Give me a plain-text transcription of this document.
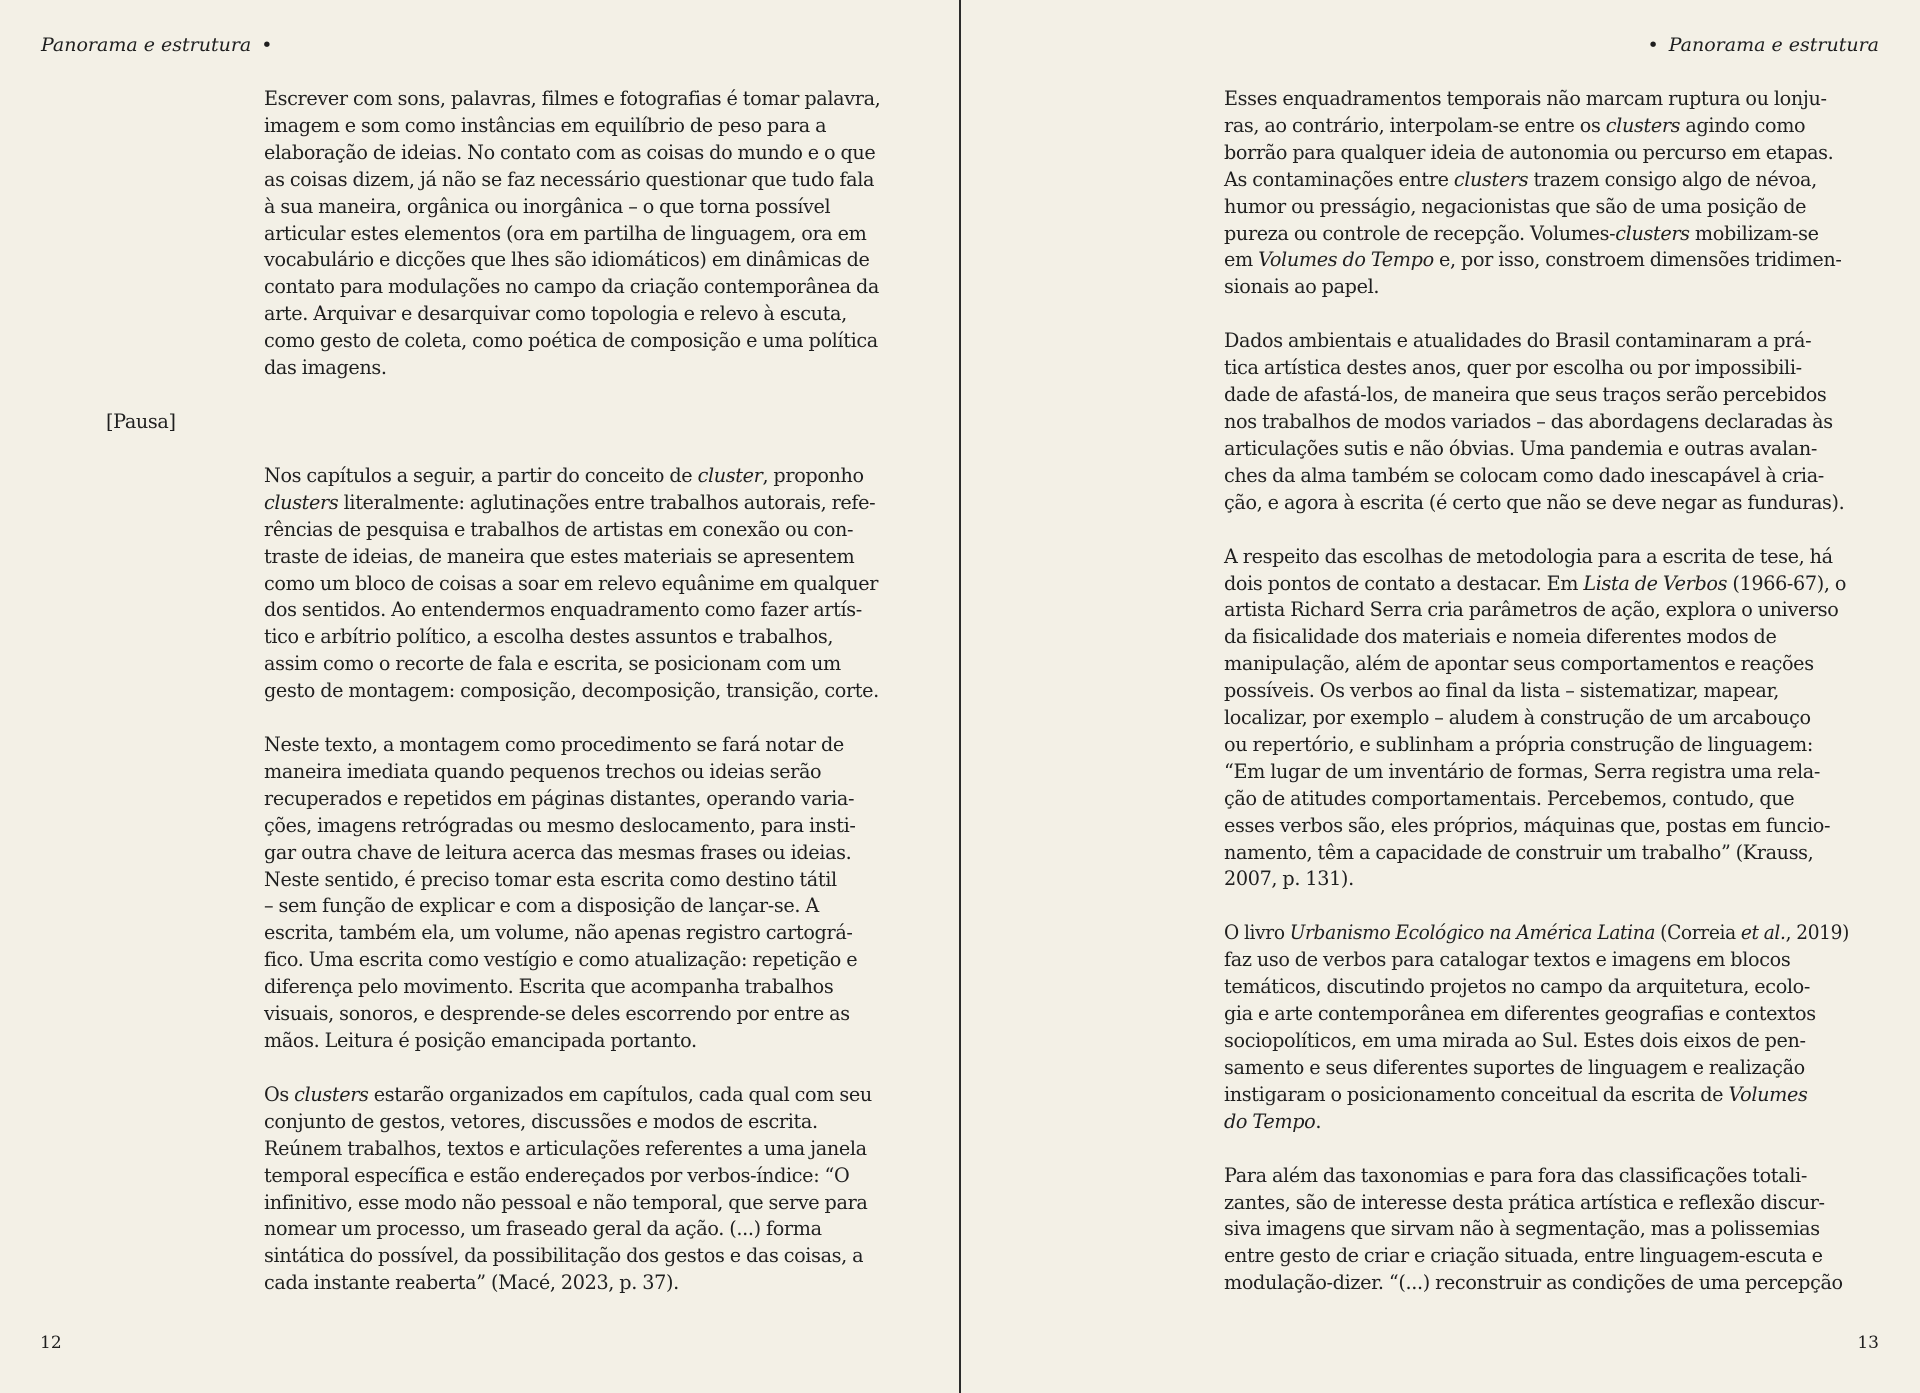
Panorama e estrutura •
Escrever com sons, palavras, filmes e fotografias é tomar palavra,
imagem e som como instâncias em equilíbrio de peso para a
elaboração de ideias. No contato com as coisas do mundo e o que
as coisas dizem, já não se faz necessário questionar que tudo fala
à sua maneira, orgânica ou inorgânica – o que torna possível
articular estes elementos (ora em partilha de linguagem, ora em
vocabulário e dicções que lhes são idiomáticos) em dinâmicas de
contato para modulações no campo da criação contemporânea da
arte. Arquivar e desarquivar como topologia e relevo à escuta,
como gesto de coleta, como poética de composição e uma política
das imagens.
[Pausa]
Nos capítulos a seguir, a partir do conceito de cluster, proponho
clusters literalmente: aglutinações entre trabalhos autorais, refe-
rências de pesquisa e trabalhos de artistas em conexão ou con-
traste de ideias, de maneira que estes materiais se apresentem
como um bloco de coisas a soar em relevo equânime em qualquer
dos sentidos. Ao entendermos enquadramento como fazer artís-
tico e arbítrio político, a escolha destes assuntos e trabalhos,
assim como o recorte de fala e escrita, se posicionam com um
gesto de montagem: composição, decomposição, transição, corte.
Neste texto, a montagem como procedimento se fará notar de
maneira imediata quando pequenos trechos ou ideias serão
recuperados e repetidos em páginas distantes, operando varia-
ções, imagens retrógradas ou mesmo deslocamento, para insti-
gar outra chave de leitura acerca das mesmas frases ou ideias.
Neste sentido, é preciso tomar esta escrita como destino tátil
– sem função de explicar e com a disposição de lançar-se. A
escrita, também ela, um volume, não apenas registro cartográ-
fico. Uma escrita como vestígio e como atualização: repetição e
diferença pelo movimento. Escrita que acompanha trabalhos
visuais, sonoros, e desprende-se deles escorrendo por entre as
mãos. Leitura é posição emancipada portanto.
Os clusters estarão organizados em capítulos, cada qual com seu
conjunto de gestos, vetores, discussões e modos de escrita.
Reúnem trabalhos, textos e articulações referentes a uma janela
temporal específica e estão endereçados por verbos-índice: “O
infinitivo, esse modo não pessoal e não temporal, que serve para
nomear um processo, um fraseado geral da ação. (...) forma
sintática do possível, da possibilitação dos gestos e das coisas, a
cada instante reaberta” (Macé, 2023, p. 37).
12
• Panorama e estrutura
Esses enquadramentos temporais não marcam ruptura ou lonju-
ras, ao contrário, interpolam-se entre os clusters agindo como
borrão para qualquer ideia de autonomia ou percurso em etapas.
As contaminações entre clusters trazem consigo algo de névoa,
humor ou presságio, negacionistas que são de uma posição de
pureza ou controle de recepção. Volumes-clusters mobilizam-se
em Volumes do Tempo e, por isso, constroem dimensões tridimen-
sionais ao papel.
Dados ambientais e atualidades do Brasil contaminaram a prá-
tica artística destes anos, quer por escolha ou por impossibili-
dade de afastá-los, de maneira que seus traços serão percebidos
nos trabalhos de modos variados – das abordagens declaradas às
articulações sutis e não óbvias. Uma pandemia e outras avalan-
ches da alma também se colocam como dado inescapável à cria-
ção, e agora à escrita (é certo que não se deve negar as funduras).
A respeito das escolhas de metodologia para a escrita de tese, há
dois pontos de contato a destacar. Em Lista de Verbos (1966-67), o
artista Richard Serra cria parâmetros de ação, explora o universo
da fisicalidade dos materiais e nomeia diferentes modos de
manipulação, além de apontar seus comportamentos e reações
possíveis. Os verbos ao final da lista – sistematizar, mapear,
localizar, por exemplo – aludem à construção de um arcabouço
ou repertório, e sublinham a própria construção de linguagem:
“Em lugar de um inventário de formas, Serra registra uma rela-
ção de atitudes comportamentais. Percebemos, contudo, que
esses verbos são, eles próprios, máquinas que, postas em funcio-
namento, têm a capacidade de construir um trabalho” (Krauss,
2007, p. 131).
O livro Urbanismo Ecológico na América Latina (Correia et al., 2019)
faz uso de verbos para catalogar textos e imagens em blocos
temáticos, discutindo projetos no campo da arquitetura, ecolo-
gia e arte contemporânea em diferentes geografias e contextos
sociopolíticos, em uma mirada ao Sul. Estes dois eixos de pen-
samento e seus diferentes suportes de linguagem e realização
instigaram o posicionamento conceitual da escrita de Volumes
do Tempo.
Para além das taxonomias e para fora das classificações totali-
zantes, são de interesse desta prática artística e reflexão discur-
siva imagens que sirvam não à segmentação, mas a polissemias
entre gesto de criar e criação situada, entre linguagem-escuta e
modulação-dizer. “(...) reconstruir as condições de uma percepção
13
